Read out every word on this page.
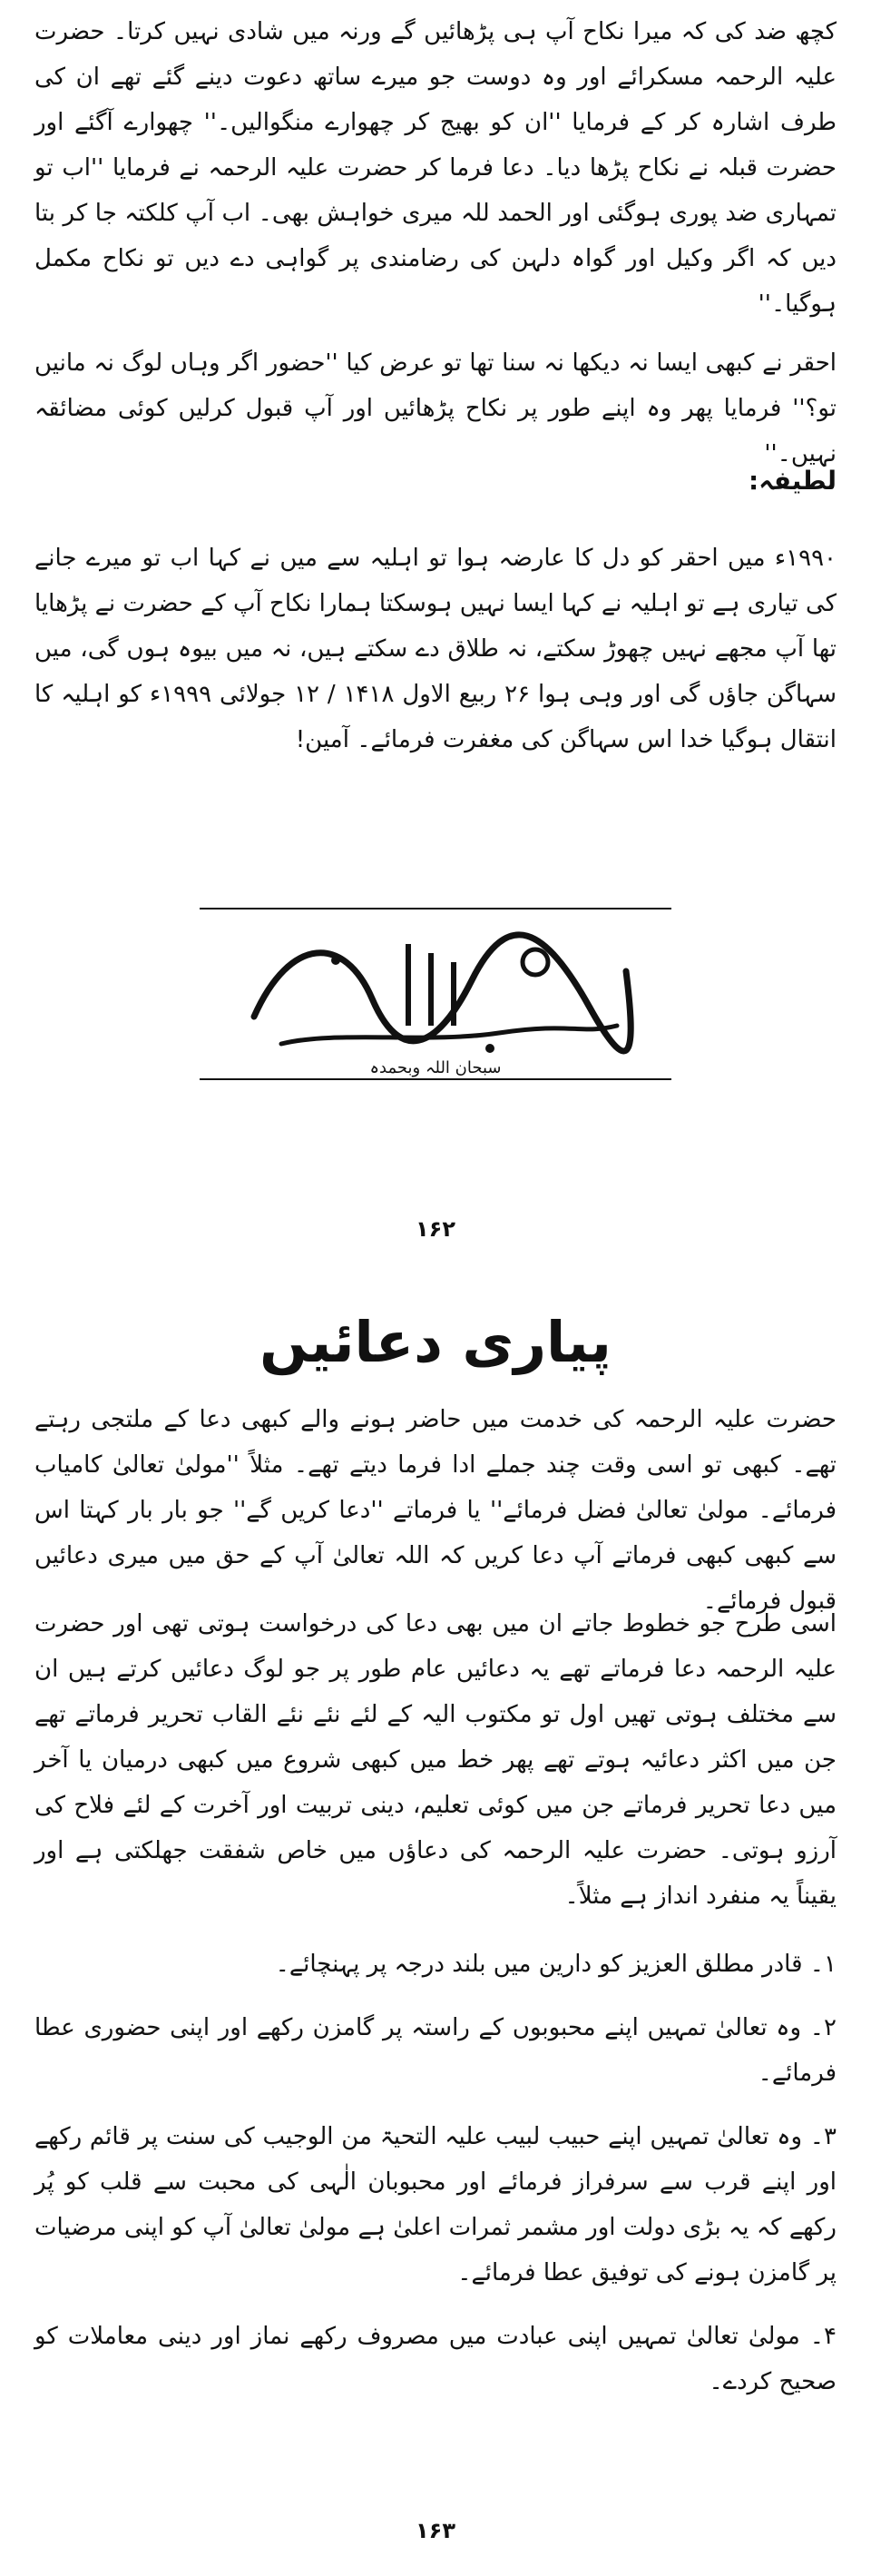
کچھ ضد کی کہ میرا نکاح آپ ہی پڑھائیں گے ورنہ میں شادی نہیں کرتا۔ حضرت علیہ الرحمہ مسکرائے اور وہ دوست جو میرے ساتھ دعوت دینے گئے تھے ان کی طرف اشارہ کر کے فرمایا ''ان کو بھیج کر چھوارے منگوالیں۔'' چھوارے آگئے اور حضرت قبلہ نے نکاح پڑھا دیا۔ دعا فرما کر حضرت علیہ الرحمہ نے فرمایا ''اب تو تمہاری ضد پوری ہوگئی اور الحمد للہ میری خواہش بھی۔ اب آپ کلکتہ جا کر بتا دیں کہ اگر وکیل اور گواہ دلہن کی رضامندی پر گواہی دے دیں تو نکاح مکمل ہوگیا۔''

احقر نے کبھی ایسا نہ دیکھا نہ سنا تھا تو عرض کیا ''حضور اگر وہاں لوگ نہ مانیں تو؟'' فرمایا پھر وہ اپنے طور پر نکاح پڑھائیں اور آپ قبول کرلیں کوئی مضائقہ نہیں۔''

لطیفہ:

۱۹۹۰ء میں احقر کو دل کا عارضہ ہوا تو اہلیہ سے میں نے کہا اب تو میرے جانے کی تیاری ہے تو اہلیہ نے کہا ایسا نہیں ہوسکتا ہمارا نکاح آپ کے حضرت نے پڑھایا تھا آپ مجھے نہیں چھوڑ سکتے، نہ طلاق دے سکتے ہیں، نہ میں بیوہ ہوں گی، میں سہاگن جاؤں گی اور وہی ہوا ۲۶ ربیع الاول ۱۴۱۸ / ۱۲ جولائی ۱۹۹۹ء کو اہلیہ کا انتقال ہوگیا خدا اس سہاگن کی مغفرت فرمائے۔ آمین!

سبحان اللہ وبحمدہ
۱۶۲
پیاری دعائیں

حضرت علیہ الرحمہ کی خدمت میں حاضر ہونے والے کبھی دعا کے ملتجی رہتے تھے۔ کبھی تو اسی وقت چند جملے ادا فرما دیتے تھے۔ مثلاً ''مولیٰ تعالیٰ کامیاب فرمائے۔ مولیٰ تعالیٰ فضل فرمائے'' یا فرماتے ''دعا کریں گے'' جو بار بار کہتا اس سے کبھی کبھی فرماتے آپ دعا کریں کہ اللہ تعالیٰ آپ کے حق میں میری دعائیں قبول فرمائے۔

اسی طرح جو خطوط جاتے ان میں بھی دعا کی درخواست ہوتی تھی اور حضرت علیہ الرحمہ دعا فرماتے تھے یہ دعائیں عام طور پر جو لوگ دعائیں کرتے ہیں ان سے مختلف ہوتی تھیں اول تو مکتوب الیہ کے لئے نئے نئے القاب تحریر فرماتے تھے جن میں اکثر دعائیہ ہوتے تھے پھر خط میں کبھی شروع میں کبھی درمیان یا آخر میں دعا تحریر فرماتے جن میں کوئی تعلیم، دینی تربیت اور آخرت کے لئے فلاح کی آرزو ہوتی۔ حضرت علیہ الرحمہ کی دعاؤں میں خاص شفقت جھلکتی ہے اور یقیناً یہ منفرد انداز ہے مثلاً۔

۱۔ قادر مطلق العزیز کو دارین میں بلند درجہ پر پہنچائے۔
۲۔ وہ تعالیٰ تمہیں اپنے محبوبوں کے راستہ پر گامزن رکھے اور اپنی حضوری عطا فرمائے۔
۳۔ وہ تعالیٰ تمہیں اپنے حبیب لبیب علیہ التحیۃ من الوجیب کی سنت پر قائم رکھے اور اپنے قرب سے سرفراز فرمائے اور محبوبان الٰہی کی محبت سے قلب کو پُر رکھے کہ یہ بڑی دولت اور مشمر ثمرات اعلیٰ ہے مولیٰ تعالیٰ آپ کو اپنی مرضیات پر گامزن ہونے کی توفیق عطا فرمائے۔
۴۔ مولیٰ تعالیٰ تمہیں اپنی عبادت میں مصروف رکھے نماز اور دینی معاملات کو صحیح کردے۔
۱۶۳
